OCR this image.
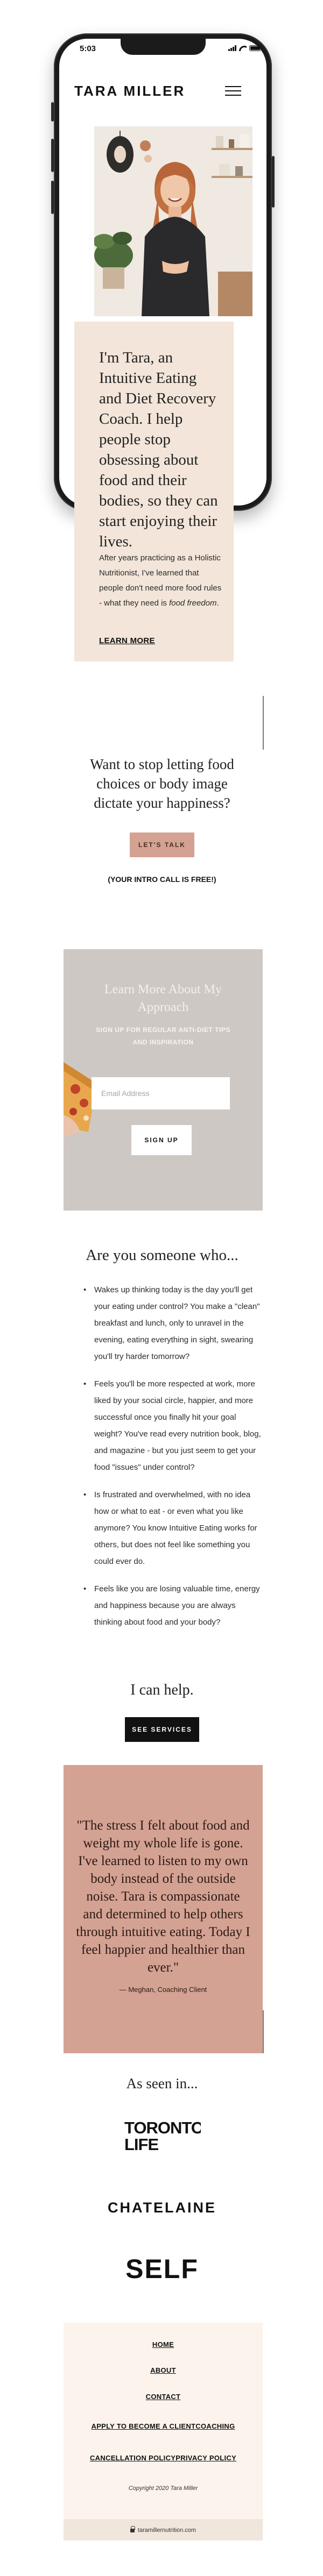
5:03
TARA MILLER
I'm Tara, an Intuitive Eating and Diet Recovery Coach. I help people stop obsessing about food and their bodies, so they can start enjoying their lives.
After years practicing as a Holistic Nutritionist, I've learned that people don't need more food rules - what they need is food freedom.
LEARN MORE
Want to stop letting food choices or body image dictate your happiness?
LET'S TALK
(YOUR INTRO CALL IS FREE!)
Learn More About My Approach
SIGN UP FOR REGULAR ANTI-DIET TIPS AND INSPIRATION
Email Address
SIGN UP
Are you someone who...
• Wakes up thinking today is the day you'll get your eating under control? You make a "clean" breakfast and lunch, only to unravel in the evening, eating everything in sight, swearing you'll try harder tomorrow?
• Feels you'll be more respected at work, more liked by your social circle, happier, and more successful once you finally hit your goal weight? You've read every nutrition book, blog, and magazine - but you just seem to get your food "issues" under control?
• Is frustrated and overwhelmed, with no idea how or what to eat - or even what you like anymore? You know Intuitive Eating works for others, but does not feel like something you could ever do.
• Feels like you are losing valuable time, energy and happiness because you are always thinking about food and your body?
I can help.
SEE SERVICES
"The stress I felt about food and weight my whole life is gone. I've learned to listen to my own body instead of the outside noise. Tara is compassionate and determined to help others through intuitive eating. Today I feel happier and healthier than ever."
— Meghan, Coaching Client
As seen in...
TORONTO
LIFE
CHATELAINE
SELF
HOME
ABOUT
CONTACT
APPLY TO BECOME A CLIENTCOACHING
CANCELLATION POLICYPRIVACY POLICY
Copyright 2020 Tara Miller
taramillernutrition.com
